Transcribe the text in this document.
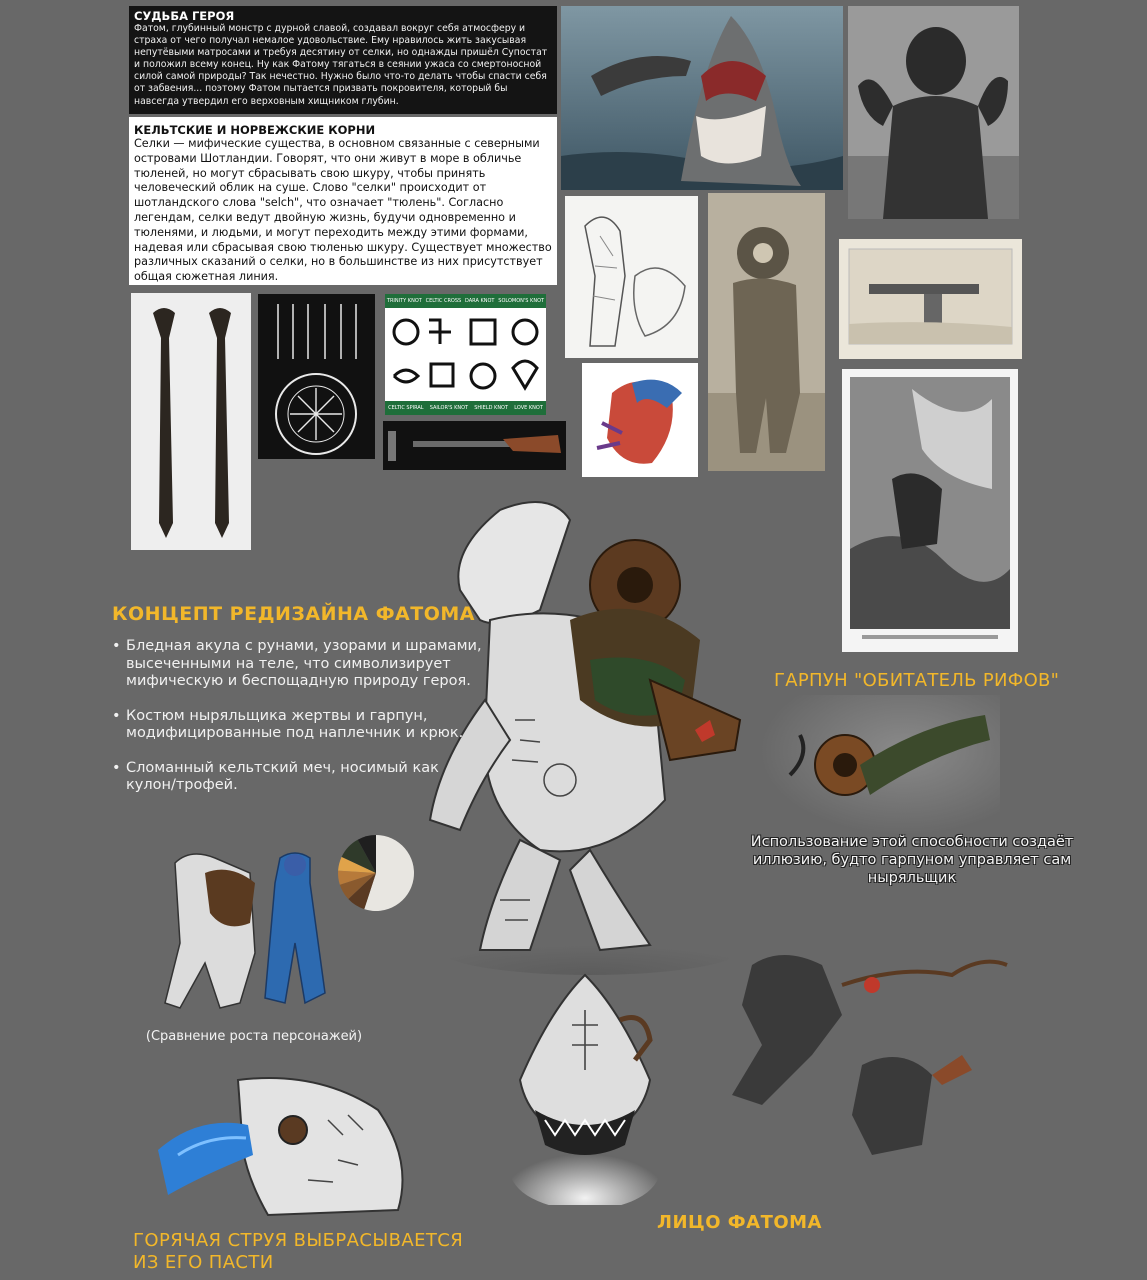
СУДЬБА ГЕРОЯ

Фатом, глубинный монстр с дурной славой, создавал вокруг себя атмосферу и страха от чего получал немалое удовольствие. Ему нравилось жить закусывая непутёвыми матросами и требуя десятину от селки, но однажды пришёл Супостат и положил всему конец. Ну как Фатому тягаться в сеянии ужаса со смертоносной силой самой природы? Так нечестно. Нужно было что-то делать чтобы спасти себя от забвения... поэтому Фатом пытается призвать покровителя, который бы навсегда утвердил его верховным хищником глубин.

КЕЛЬТСКИЕ И НОРВЕЖСКИЕ КОРНИ

Селки — мифические существа, в основном связанные с северными островами Шотландии. Говорят, что они живут в море в обличье тюленей, но могут сбрасывать свою шкуру, чтобы принять человеческий облик на суше. Слово "селки" происходит от шотландского слова "selch", что означает "тюлень". Согласно легендам, селки ведут двойную жизнь, будучи одновременно и тюленями, и людьми, и могут переходить между этими формами, надевая или сбрасывая свою тюленью шкуру. Существует множество различных сказаний о селки, но в большинстве из них присутствует общая сюжетная линия.

TRINITY KNOT CELTIC CROSS DARA KNOT SOLOMON'S KNOT
CELTIC SPIRAL SAILOR'S KNOT SHIELD KNOT LOVE KNOT
(Сравнение роста персонажей)
Использование этой способности создаёт иллюзию, будто гарпуном управляет сам ныряльщик
КОНЦЕПТ РЕДИЗАЙНА ФАТОМА
• Бледная акула с рунами, узорами и шрамами, высеченными на теле, что символизирует мифическую и беспощадную природу героя.
• Костюм ныряльщика жертвы и гарпун, модифицированные под наплечник и крюк.
• Сломанный кельтский меч, носимый как кулон/трофей.
ГАРПУН "ОБИТАТЕЛЬ РИФОВ"
ЛИЦО ФАТОМА
ГОРЯЧАЯ СТРУЯ ВЫБРАСЫВАЕТСЯ ИЗ ЕГО ПАСТИ
